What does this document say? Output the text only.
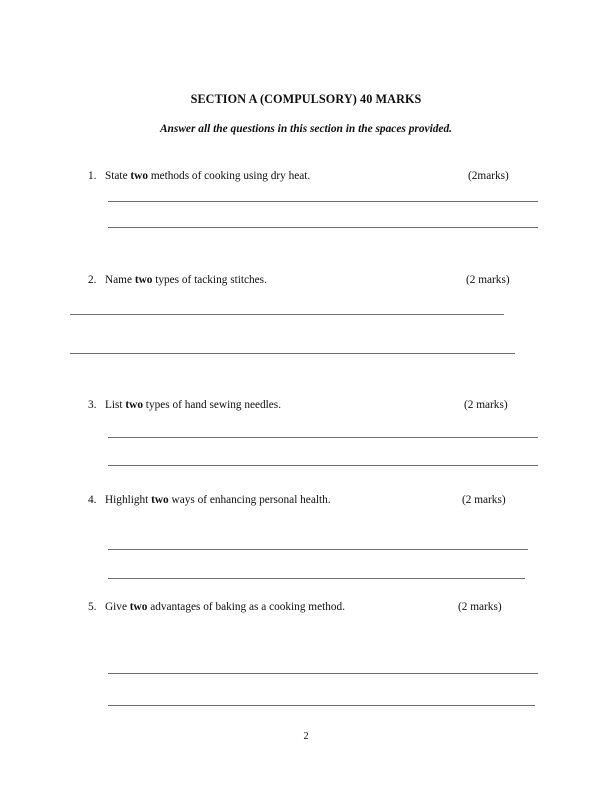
SECTION A (COMPULSORY) 40 MARKS
Answer all the questions in this section in the spaces provided.
1. State two methods of cooking using dry heat.	(2marks)
2. Name two types of tacking stitches.	(2 marks)
3. List two types of hand sewing needles.	(2 marks)
4. Highlight two ways of enhancing personal health.	(2 marks)
5. Give two advantages of baking as a cooking method.	(2 marks)
2
